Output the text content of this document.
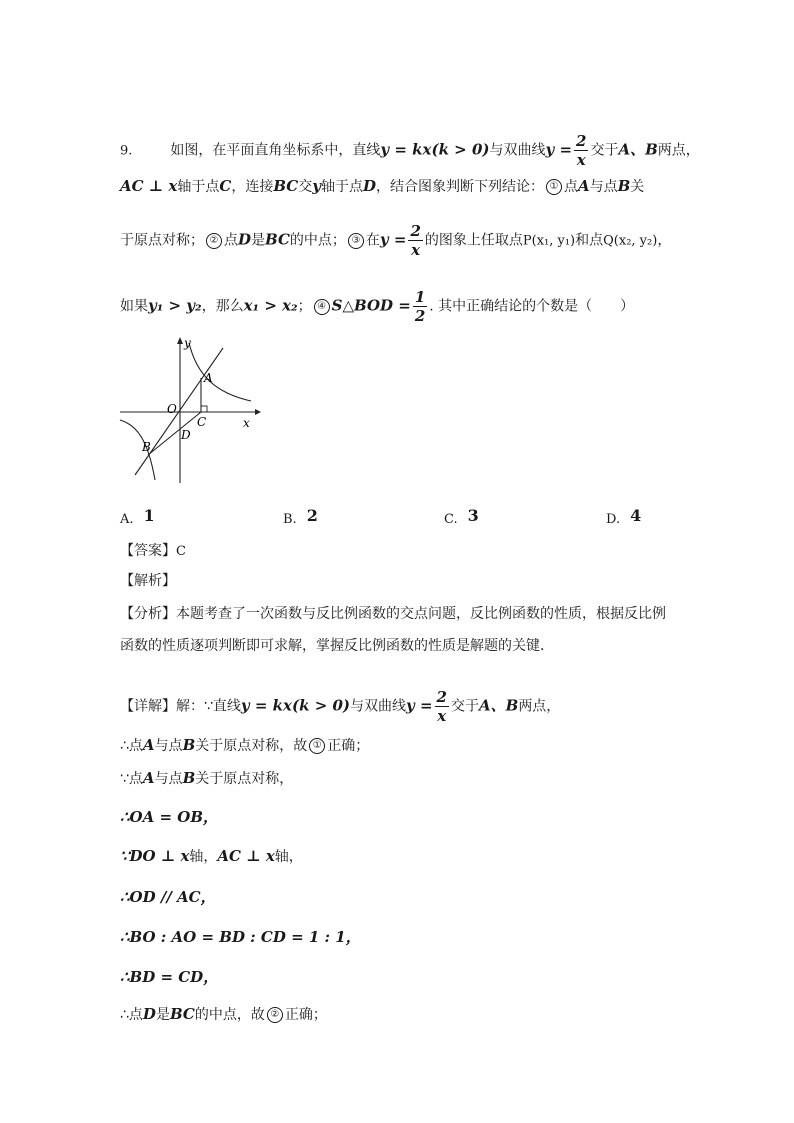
9.	如图，在平面直角坐标系中，直线y = kx(k > 0)与双曲线$y = \frac{2}{x}$ 交于A、B两点，
AC ⊥ x轴于点C，连接BC交y轴于点D，结合图象判断下列结论： ① 点A与点B关
于原点对称； ② 点D是BC的中点； ③ 在$y = \frac{2}{x}$ 的图象上任取点P(x₁, y₁)和点Q(x₂, y₂)，
如果y₁ > y₂，那么x₁ > x₂； ④ S△BOD = $\frac{1}{2}$ . 其中正确结论的个数是（　　）
y
A
O
C	x
D
B
A. 1	B. 2	C. 3	D. 4
【答案】C
【解析】
【分析】本题考查了一次函数与反比例函数的交点问题，反比例函数的性质，根据反比例
函数的性质逐项判断即可求解，掌握反比例函数的性质是解题的关键．
【详解】解：∵直线y = kx(k > 0)与双曲线$y = \frac{2}{x}$ 交于A、B两点，
∴点A与点B关于原点对称，故 ① 正确；
∵点A与点B关于原点对称，
∴OA = OB，
∵DO ⊥ x轴，AC ⊥ x轴，
∴OD // AC，
∴BO : AO = BD : CD = 1 : 1，
∴BD = CD，
∴点D是BC的中点，故 ② 正确；
